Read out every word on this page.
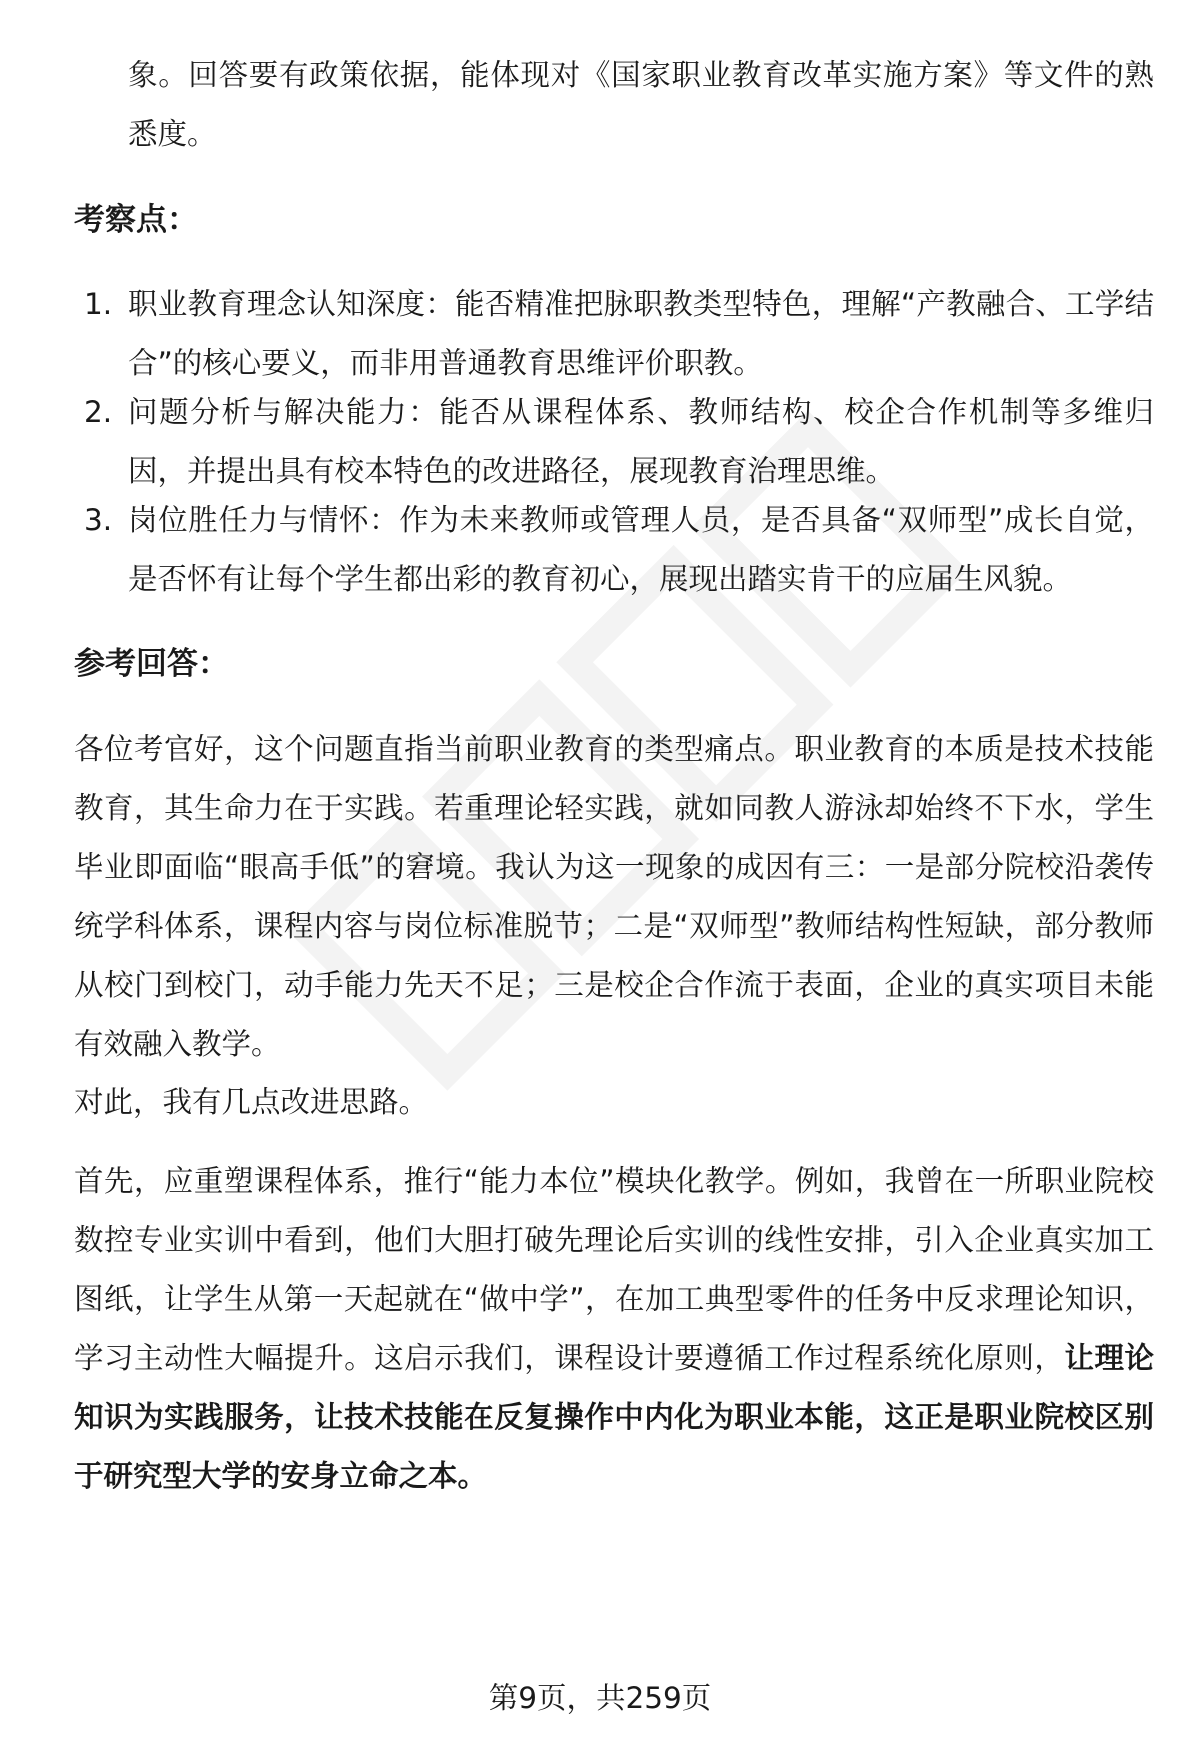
象。回答要有政策依据，能体现对《国家职业教育改革实施方案》等文件的熟悉度。

考察点：
1. 职业教育理念认知深度：能否精准把脉职教类型特色，理解“产教融合、工学结合”的核心要义，而非用普通教育思维评价职教。
2. 问题分析与解决能力：能否从课程体系、教师结构、校企合作机制等多维归因，并提出具有校本特色的改进路径，展现教育治理思维。
3. 岗位胜任力与情怀：作为未来教师或管理人员，是否具备“双师型”成长自觉，是否怀有让每个学生都出彩的教育初心，展现出踏实肯干的应届生风貌。
参考回答：

各位考官好，这个问题直指当前职业教育的类型痛点。职业教育的本质是技术技能教育，其生命力在于实践。若重理论轻实践，就如同教人游泳却始终不下水，学生毕业即面临“眼高手低”的窘境。我认为这一现象的成因有三：一是部分院校沿袭传统学科体系，课程内容与岗位标准脱节；二是“双师型”教师结构性短缺，部分教师从校门到校门，动手能力先天不足；三是校企合作流于表面，企业的真实项目未能有效融入教学。

对此，我有几点改进思路。

首先，应重塑课程体系，推行“能力本位”模块化教学。例如，我曾在一所职业院校数控专业实训中看到，他们大胆打破先理论后实训的线性安排，引入企业真实加工图纸，让学生从第一天起就在“做中学”，在加工典型零件的任务中反求理论知识，学习主动性大幅提升。这启示我们，课程设计要遵循工作过程系统化原则，让理论知识为实践服务，让技术技能在反复操作中内化为职业本能，这正是职业院校区别于研究型大学的安身立命之本。

第9页，共259页
